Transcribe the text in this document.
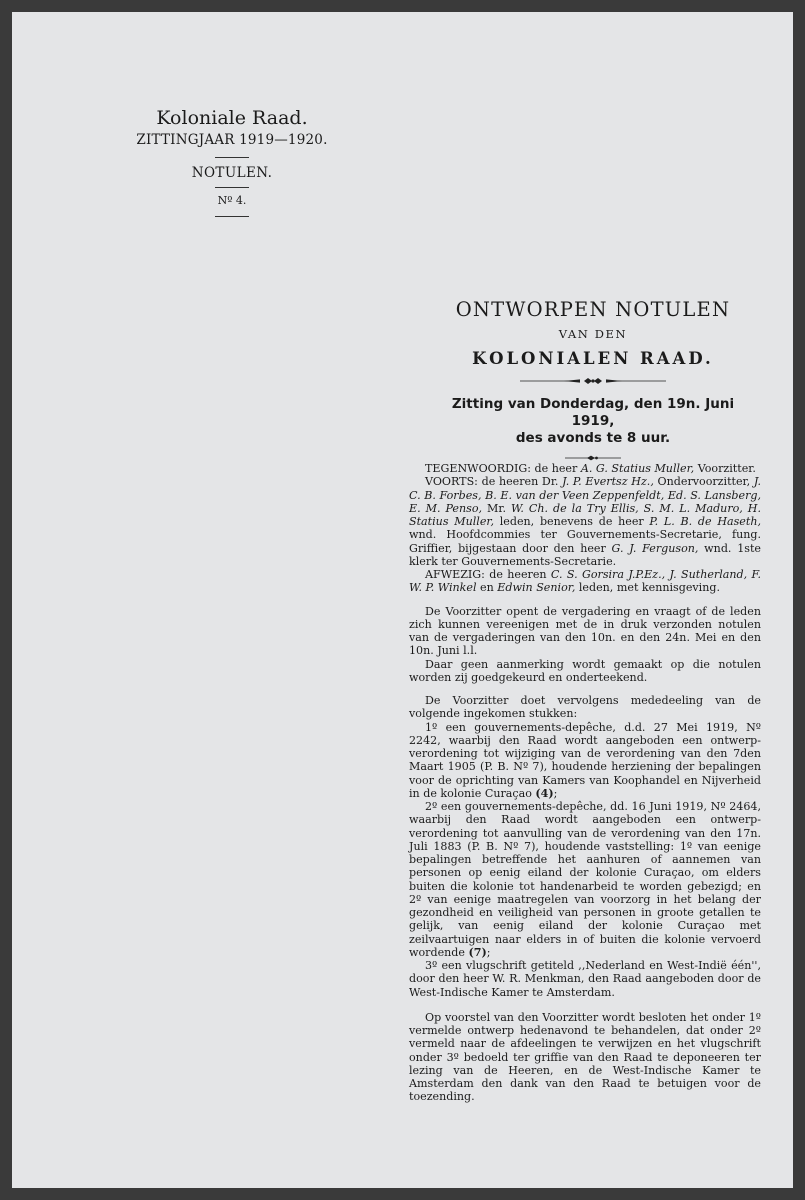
Koloniale Raad.
ZITTINGJAAR 1919—1920.
NOTULEN.
Nº 4.
ONTWORPEN NOTULEN
VAN DEN
KOLONIALEN RAAD.
Zitting van Donderdag, den 19n. Juni 1919,
des avonds te 8 uur.

TEGENWOORDIG: de heer A. G. Statius Muller, Voorzitter.

VOORTS: de heeren Dr. J. P. Evertsz Hz., Ondervoorzitter, J. C. B. Forbes, B. E. van der Veen Zeppenfeldt, Ed. S. Lansberg, E. M. Penso, Mr. W. Ch. de la Try Ellis, S. M. L. Maduro, H. Statius Muller, leden, benevens de heer P. L. B. de Haseth, wnd. Hoofdcommies ter Gouvernements-Secretarie, fung. Griffier, bijgestaan door den heer G. J. Ferguson, wnd. 1ste klerk ter Gouvernements-Secretarie.

AFWEZIG: de heeren C. S. Gorsira J.P.Ez., J. Sutherland, F. W. P. Winkel en Edwin Senior, leden, met kennisgeving.

De Voorzitter opent de vergadering en vraagt of de leden zich kunnen vereenigen met de in druk verzonden notulen van de vergaderingen van den 10n. en den 24n. Mei en den 10n. Juni l.l.

Daar geen aanmerking wordt gemaakt op die notulen worden zij goedgekeurd en onderteekend.

De Voorzitter doet vervolgens mededeeling van de volgende ingekomen stukken:

1º een gouvernements-depêche, d.d. 27 Mei 1919, Nº 2242, waarbij den Raad wordt aangeboden een ontwerp-verordening tot wijziging van de verordening van den 7den Maart 1905 (P. B. Nº 7), houdende herziening der bepalingen voor de oprichting van Kamers van Koophandel en Nijverheid in de kolonie Curaçao (4);

2º een gouvernements-depêche, dd. 16 Juni 1919, Nº 2464, waarbij den Raad wordt aangeboden een ontwerp-verordening tot aanvulling van de verordening van den 17n. Juli 1883 (P. B. Nº 7), houdende vaststelling: 1º van eenige bepalingen betreffende het aanhuren of aannemen van personen op eenig eiland der kolonie Curaçao, om elders buiten die kolonie tot handenarbeid te worden gebezigd; en 2º van eenige maatregelen van voorzorg in het belang der gezondheid en veiligheid van personen in groote getallen te gelijk, van eenig eiland der kolonie Curaçao met zeilvaartuigen naar elders in of buiten die kolonie vervoerd wordende (7);

3º een vlugschrift getiteld ,,Nederland en West-Indië één'', door den heer W. R. Menkman, den Raad aangeboden door de West-Indische Kamer te Amsterdam.

Op voorstel van den Voorzitter wordt besloten het onder 1º vermelde ontwerp hedenavond te behandelen, dat onder 2º vermeld naar de afdeelingen te verwijzen en het vlugschrift onder 3º bedoeld ter griffie van den Raad te deponeeren ter lezing van de Heeren, en de West-Indische Kamer te Amsterdam den dank van den Raad te betuigen voor de toezending.
